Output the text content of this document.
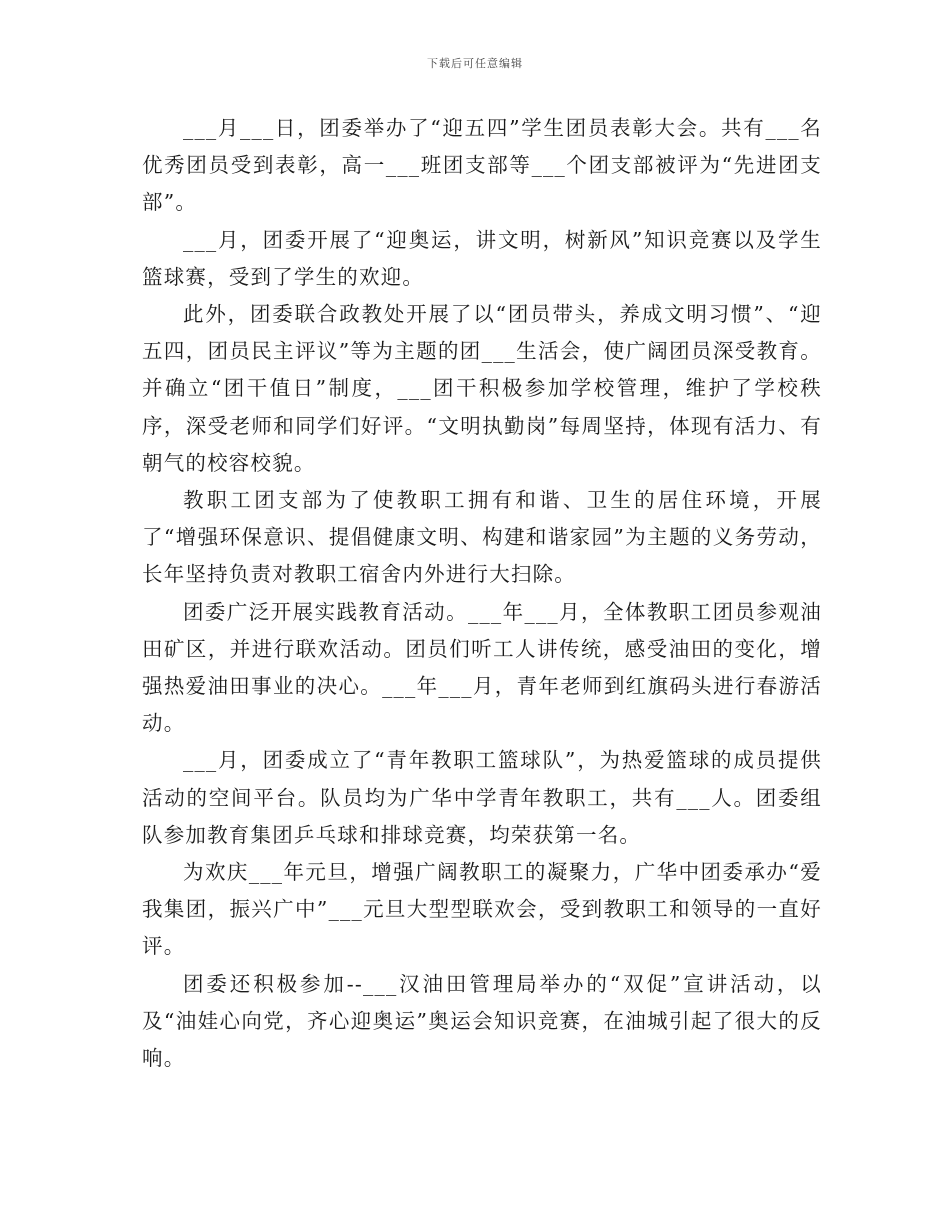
下载后可任意编辑

___月___日，团委举办了“迎五四”学生团员表彰大会。共有___名优秀团员受到表彰，高一___班团支部等___个团支部被评为“先进团支部”。

___月，团委开展了“迎奥运，讲文明，树新风”知识竞赛以及学生篮球赛，受到了学生的欢迎。

此外，团委联合政教处开展了以“团员带头，养成文明习惯”、“迎五四，团员民主评议”等为主题的团___生活会，使广阔团员深受教育。并确立“团干值日”制度，___团干积极参加学校管理，维护了学校秩序，深受老师和同学们好评。“文明执勤岗”每周坚持，体现有活力、有朝气的校容校貌。

教职工团支部为了使教职工拥有和谐、卫生的居住环境，开展了“增强环保意识、提倡健康文明、构建和谐家园”为主题的义务劳动，长年坚持负责对教职工宿舍内外进行大扫除。

团委广泛开展实践教育活动。___年___月，全体教职工团员参观油田矿区，并进行联欢活动。团员们听工人讲传统，感受油田的变化，增强热爱油田事业的决心。___年___月，青年老师到红旗码头进行春游活动。

___月，团委成立了“青年教职工篮球队”，为热爱篮球的成员提供活动的空间平台。队员均为广华中学青年教职工，共有___人。团委组队参加教育集团乒乓球和排球竞赛，均荣获第一名。

为欢庆___年元旦，增强广阔教职工的凝聚力，广华中团委承办“爱我集团，振兴广中”___元旦大型型联欢会，受到教职工和领导的一直好评。

团委还积极参加--___汉油田管理局举办的“双促”宣讲活动，以及“油娃心向党，齐心迎奥运”奥运会知识竞赛，在油城引起了很大的反响。
